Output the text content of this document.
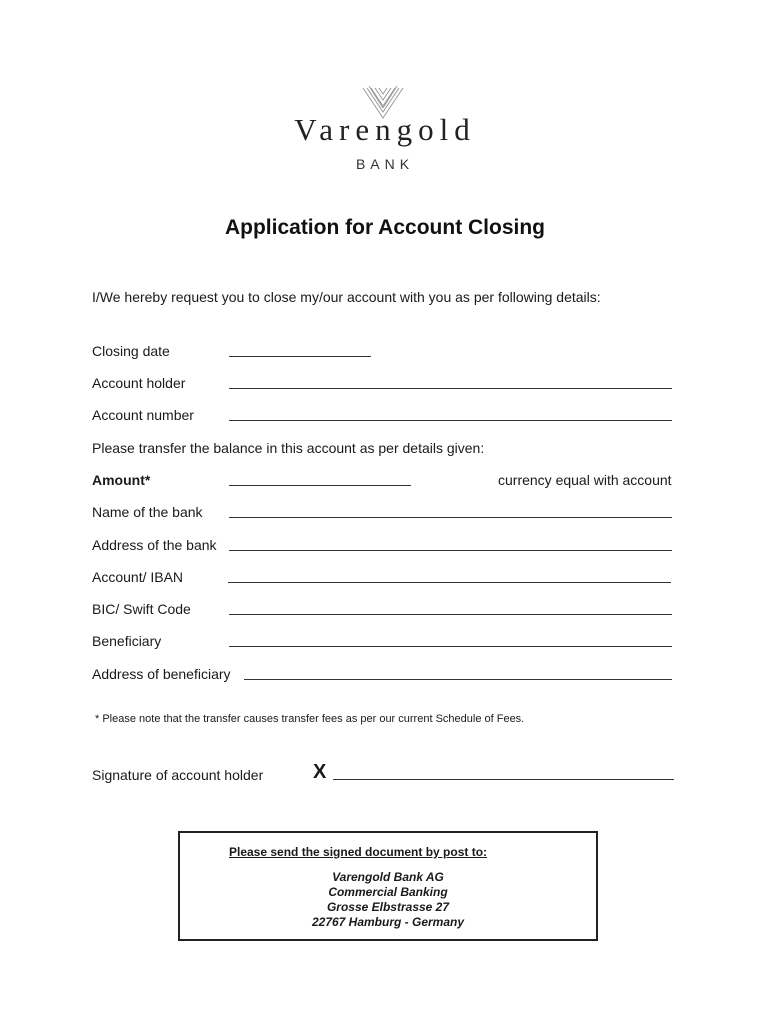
Varengold
BANK
Application for Account Closing
I/We hereby request you to close my/our account with you as per following details:
Closing date
Account holder
Account number
Please transfer the balance in this account as per details given:
Amount*	currency equal with account
Name of the bank
Address of the bank
Account/ IBAN
BIC/ Swift Code
Beneficiary
Address of beneficiary
* Please note that the transfer causes transfer fees as per our current Schedule of Fees.
Signature of account holder X
Please send the signed document by post to:
Varengold Bank AG
Commercial Banking
Grosse Elbstrasse 27
22767 Hamburg - Germany
